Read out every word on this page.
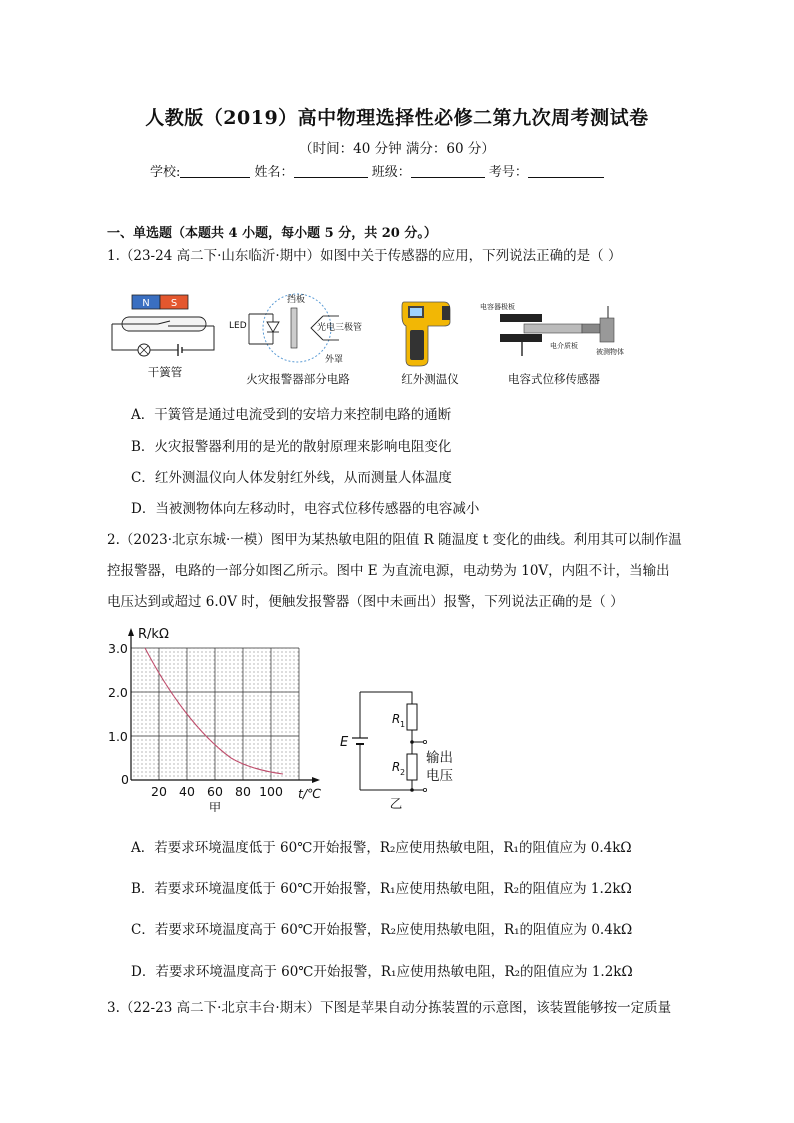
人教版（2019）高中物理选择性必修二第九次周考测试卷
（时间：40 分钟 满分：60 分）
学校:	姓名：	班级：	考号：
一、单选题（本题共 4 小题，每小题 5 分，共 20 分。）
1.（23-24 高二下·山东临沂·期中）如图中关于传感器的应用，下列说法正确的是（ ）
N S
干簧管
LED
挡板
光电三极管
外罩
火灾报警器部分电路	红外测温仪
电容器极板
电介质板
被测物体
电容式位移传感器
A．干簧管是通过电流受到的安培力来控制电路的通断
B．火灾报警器利用的是光的散射原理来影响电阻变化
C．红外测温仪向人体发射红外线，从而测量人体温度
D．当被测物体向左移动时，电容式位移传感器的电容减小
2.（2023·北京东城·一模）图甲为某热敏电阻的阻值 R 随温度 t 变化的曲线。利用其可以制作温
控报警器，电路的一部分如图乙所示。图中 E 为直流电源，电动势为 10V，内阻不计，当输出
电压达到或超过 6.0V 时，便触发报警器（图中未画出）报警，下列说法正确的是（ ）
R/kΩ
3.0
2.0
1.0
0
20 40 60 80 100 t/℃
甲
E
R 1
R 2
输出
电压
乙
A．若要求环境温度低于 60℃开始报警，R₂应使用热敏电阻，R₁的阻值应为 0.4kΩ
B．若要求环境温度低于 60℃开始报警，R₁应使用热敏电阻，R₂的阻值应为 1.2kΩ
C．若要求环境温度高于 60℃开始报警，R₂应使用热敏电阻，R₁的阻值应为 0.4kΩ
D．若要求环境温度高于 60℃开始报警，R₁应使用热敏电阻，R₂的阻值应为 1.2kΩ
3.（22-23 高二下·北京丰台·期末）下图是苹果自动分拣装置的示意图，该装置能够按一定质量
